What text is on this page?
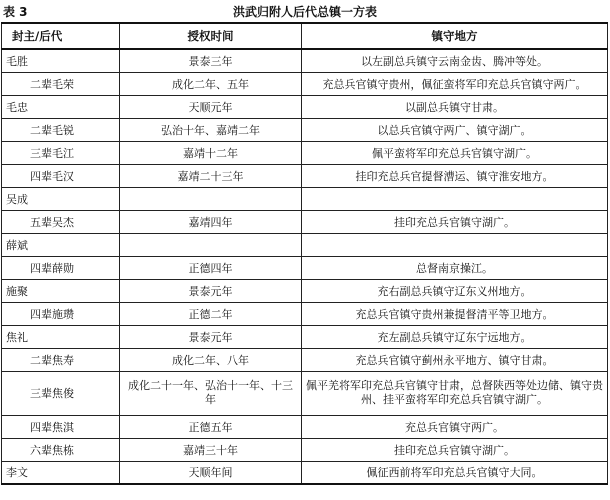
表 3	洪武归附人后代总镇一方表
封主/后代	授权时间	镇守地方
毛胜	景泰三年	以左副总兵镇守云南金齿、腾冲等处。
二辈毛荣	成化二年、五年	充总兵官镇守贵州，佩征蛮将军印充总兵官镇守两广。
毛忠	天顺元年	以副总兵镇守甘肃。
二辈毛锐	弘治十年、嘉靖二年	以总兵官镇守两广、镇守湖广。
三辈毛江	嘉靖十二年	佩平蛮将军印充总兵官镇守湖广。
四辈毛汉	嘉靖二十三年	挂印充总兵官提督漕运、镇守淮安地方。
吴成		
五辈吴杰	嘉靖四年	挂印充总兵官镇守湖广。
薛斌		
四辈薛勋	正德四年	总督南京操江。
施聚	景泰元年	充右副总兵镇守辽东义州地方。
四辈施瓒	正德二年	充总兵官镇守贵州兼提督清平等卫地方。
焦礼	景泰元年	充左副总兵镇守辽东宁远地方。
二辈焦寿	成化二年、八年	充总兵官镇守蓟州永平地方、镇守甘肃。
三辈焦俊	成化二十一年、弘治十一年、十三年	佩平羌将军印充总兵官镇守甘肃，总督陕西等处边储、镇守贵州、挂平蛮将军印充总兵官镇守湖广。
四辈焦淇	正德五年	充总兵官镇守两广。
六辈焦栋	嘉靖三十年	挂印充总兵官镇守湖广。
李文	天顺年间	佩征西前将军印充总兵官镇守大同。
